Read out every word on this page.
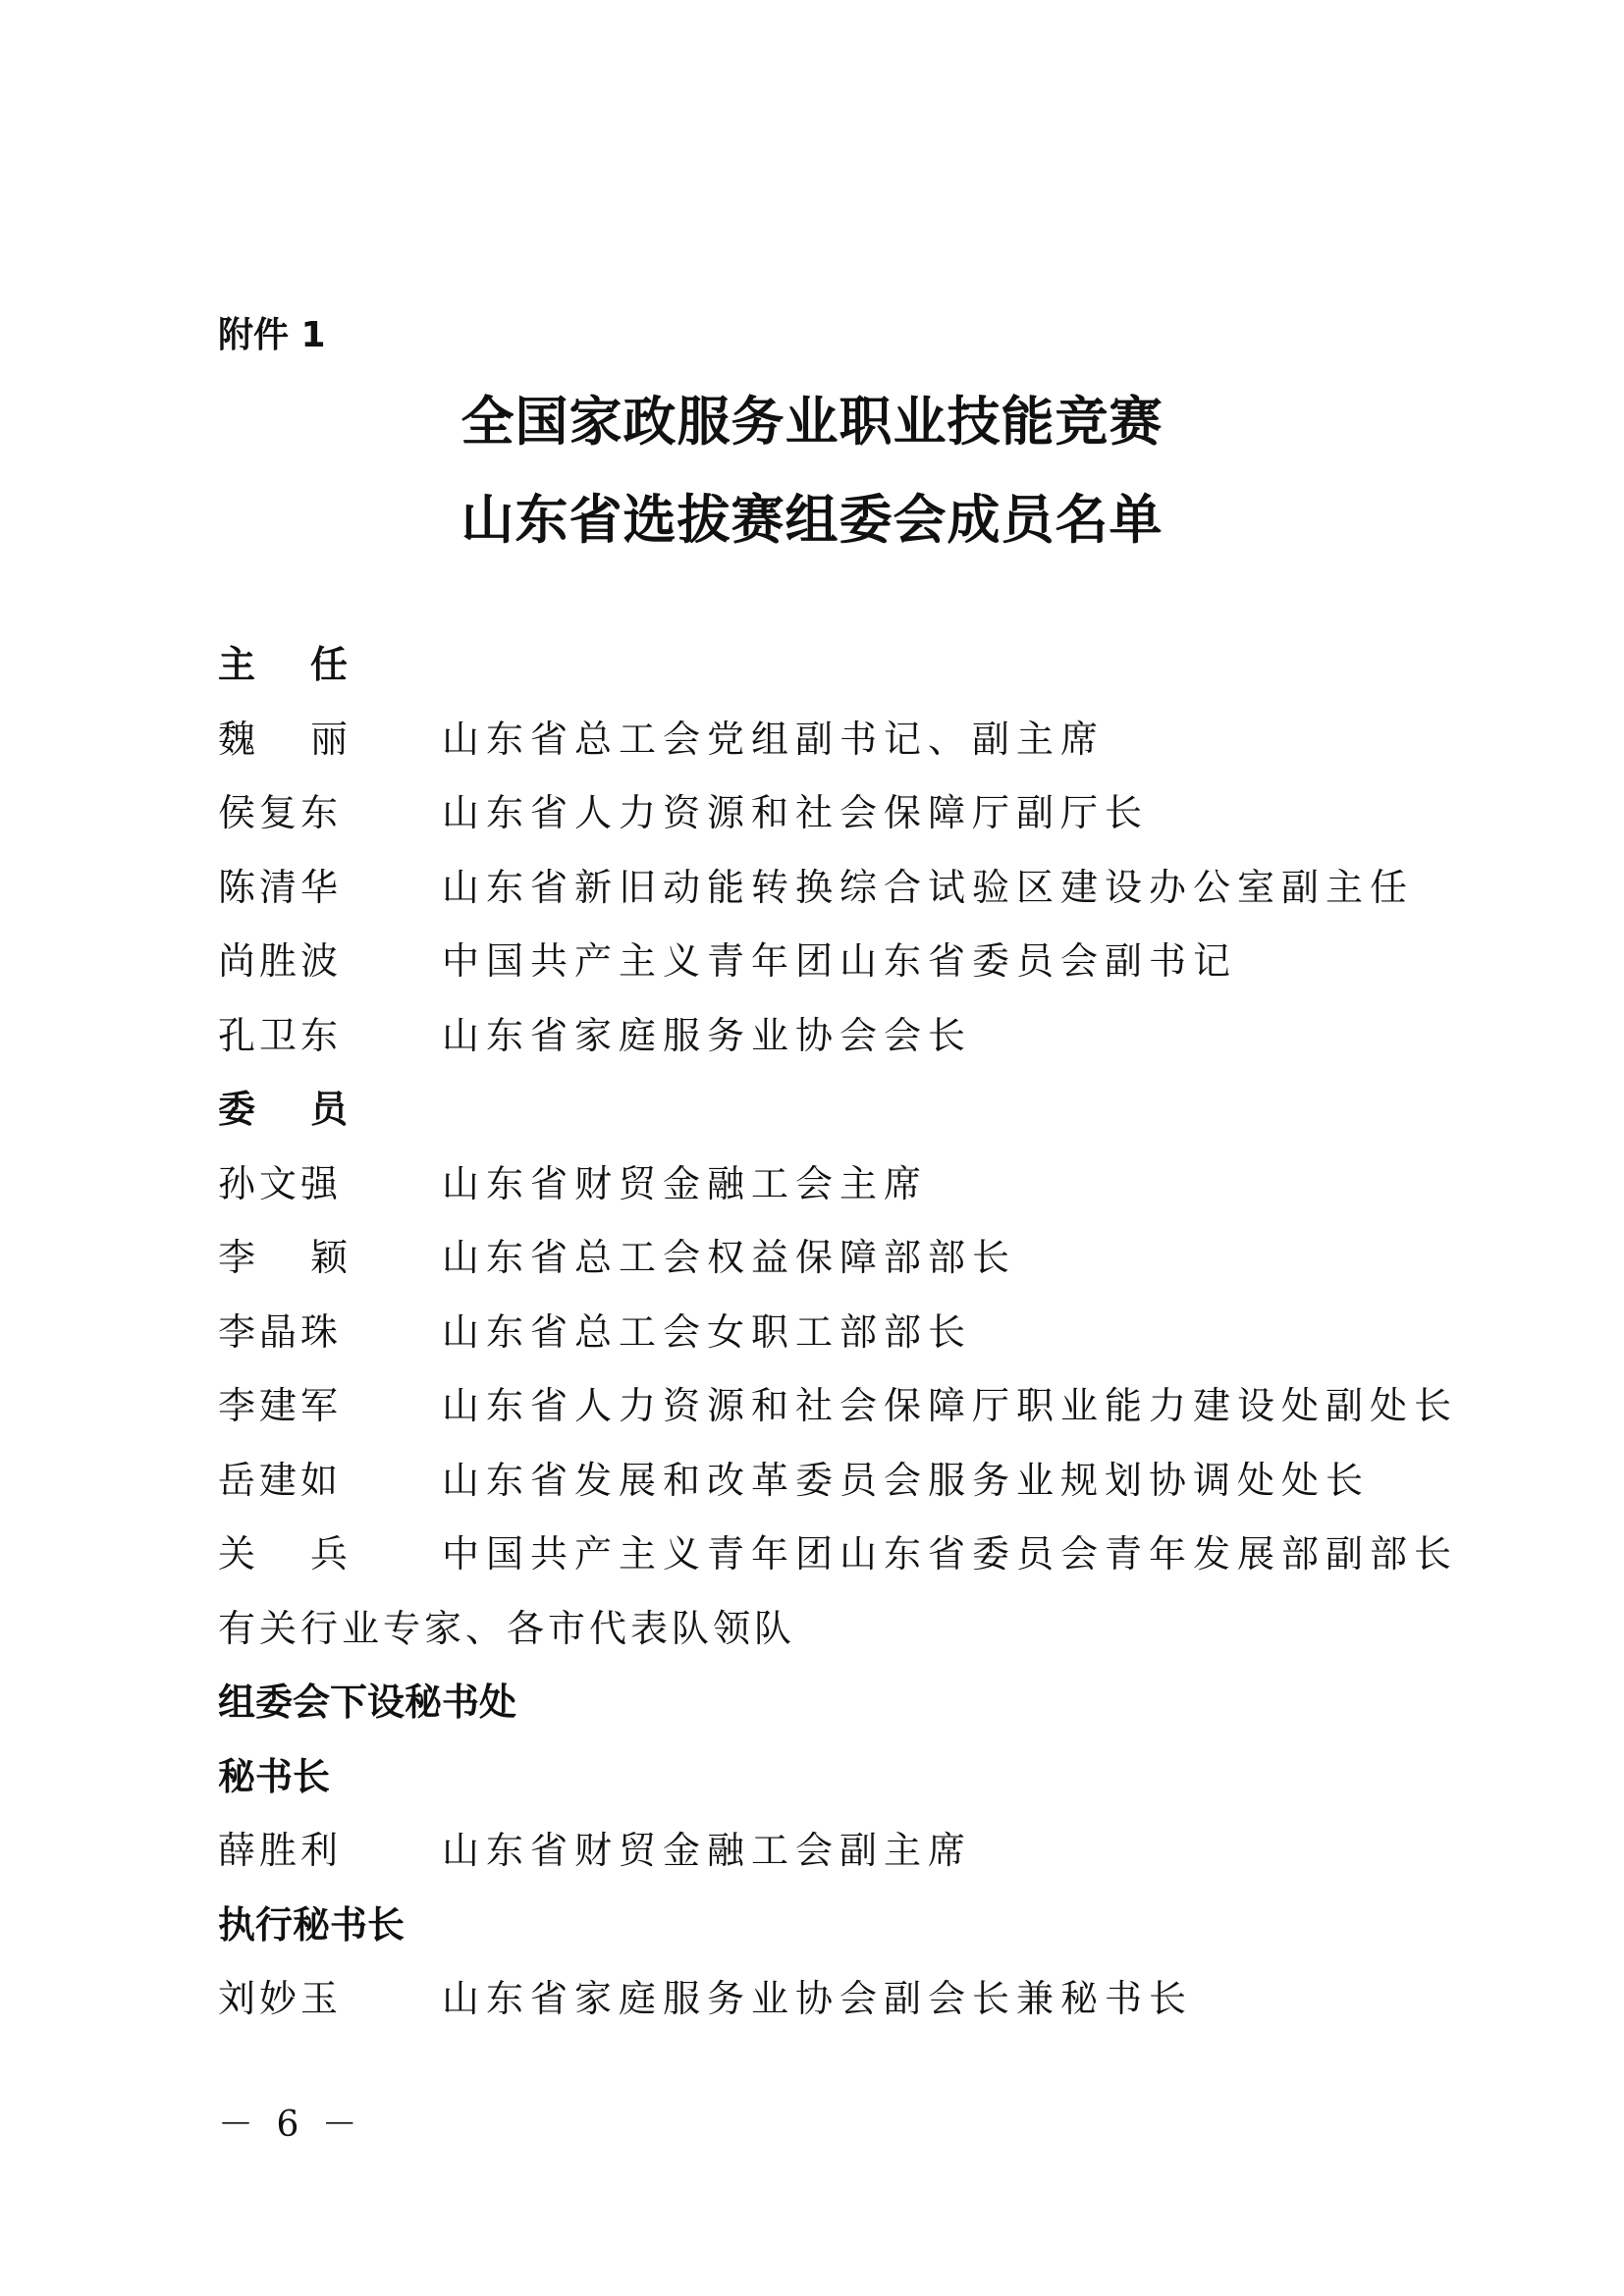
附件 1
全国家政服务业职业技能竞赛
山东省选拔赛组委会成员名单
主 任
魏 丽	山东省总工会党组副书记、副主席
侯复东	山东省人力资源和社会保障厅副厅长
陈清华	山东省新旧动能转换综合试验区建设办公室副主任
尚胜波	中国共产主义青年团山东省委员会副书记
孔卫东	山东省家庭服务业协会会长
委 员
孙文强	山东省财贸金融工会主席
李 颖	山东省总工会权益保障部部长
李晶珠	山东省总工会女职工部部长
李建军	山东省人力资源和社会保障厅职业能力建设处副处长
岳建如	山东省发展和改革委员会服务业规划协调处处长
关 兵	中国共产主义青年团山东省委员会青年发展部副部长
有关行业专家、各市代表队领队
组委会下设秘书处
秘书长
薛胜利	山东省财贸金融工会副主席
执行秘书长
刘妙玉	山东省家庭服务业协会副会长兼秘书长
－ 6 －
